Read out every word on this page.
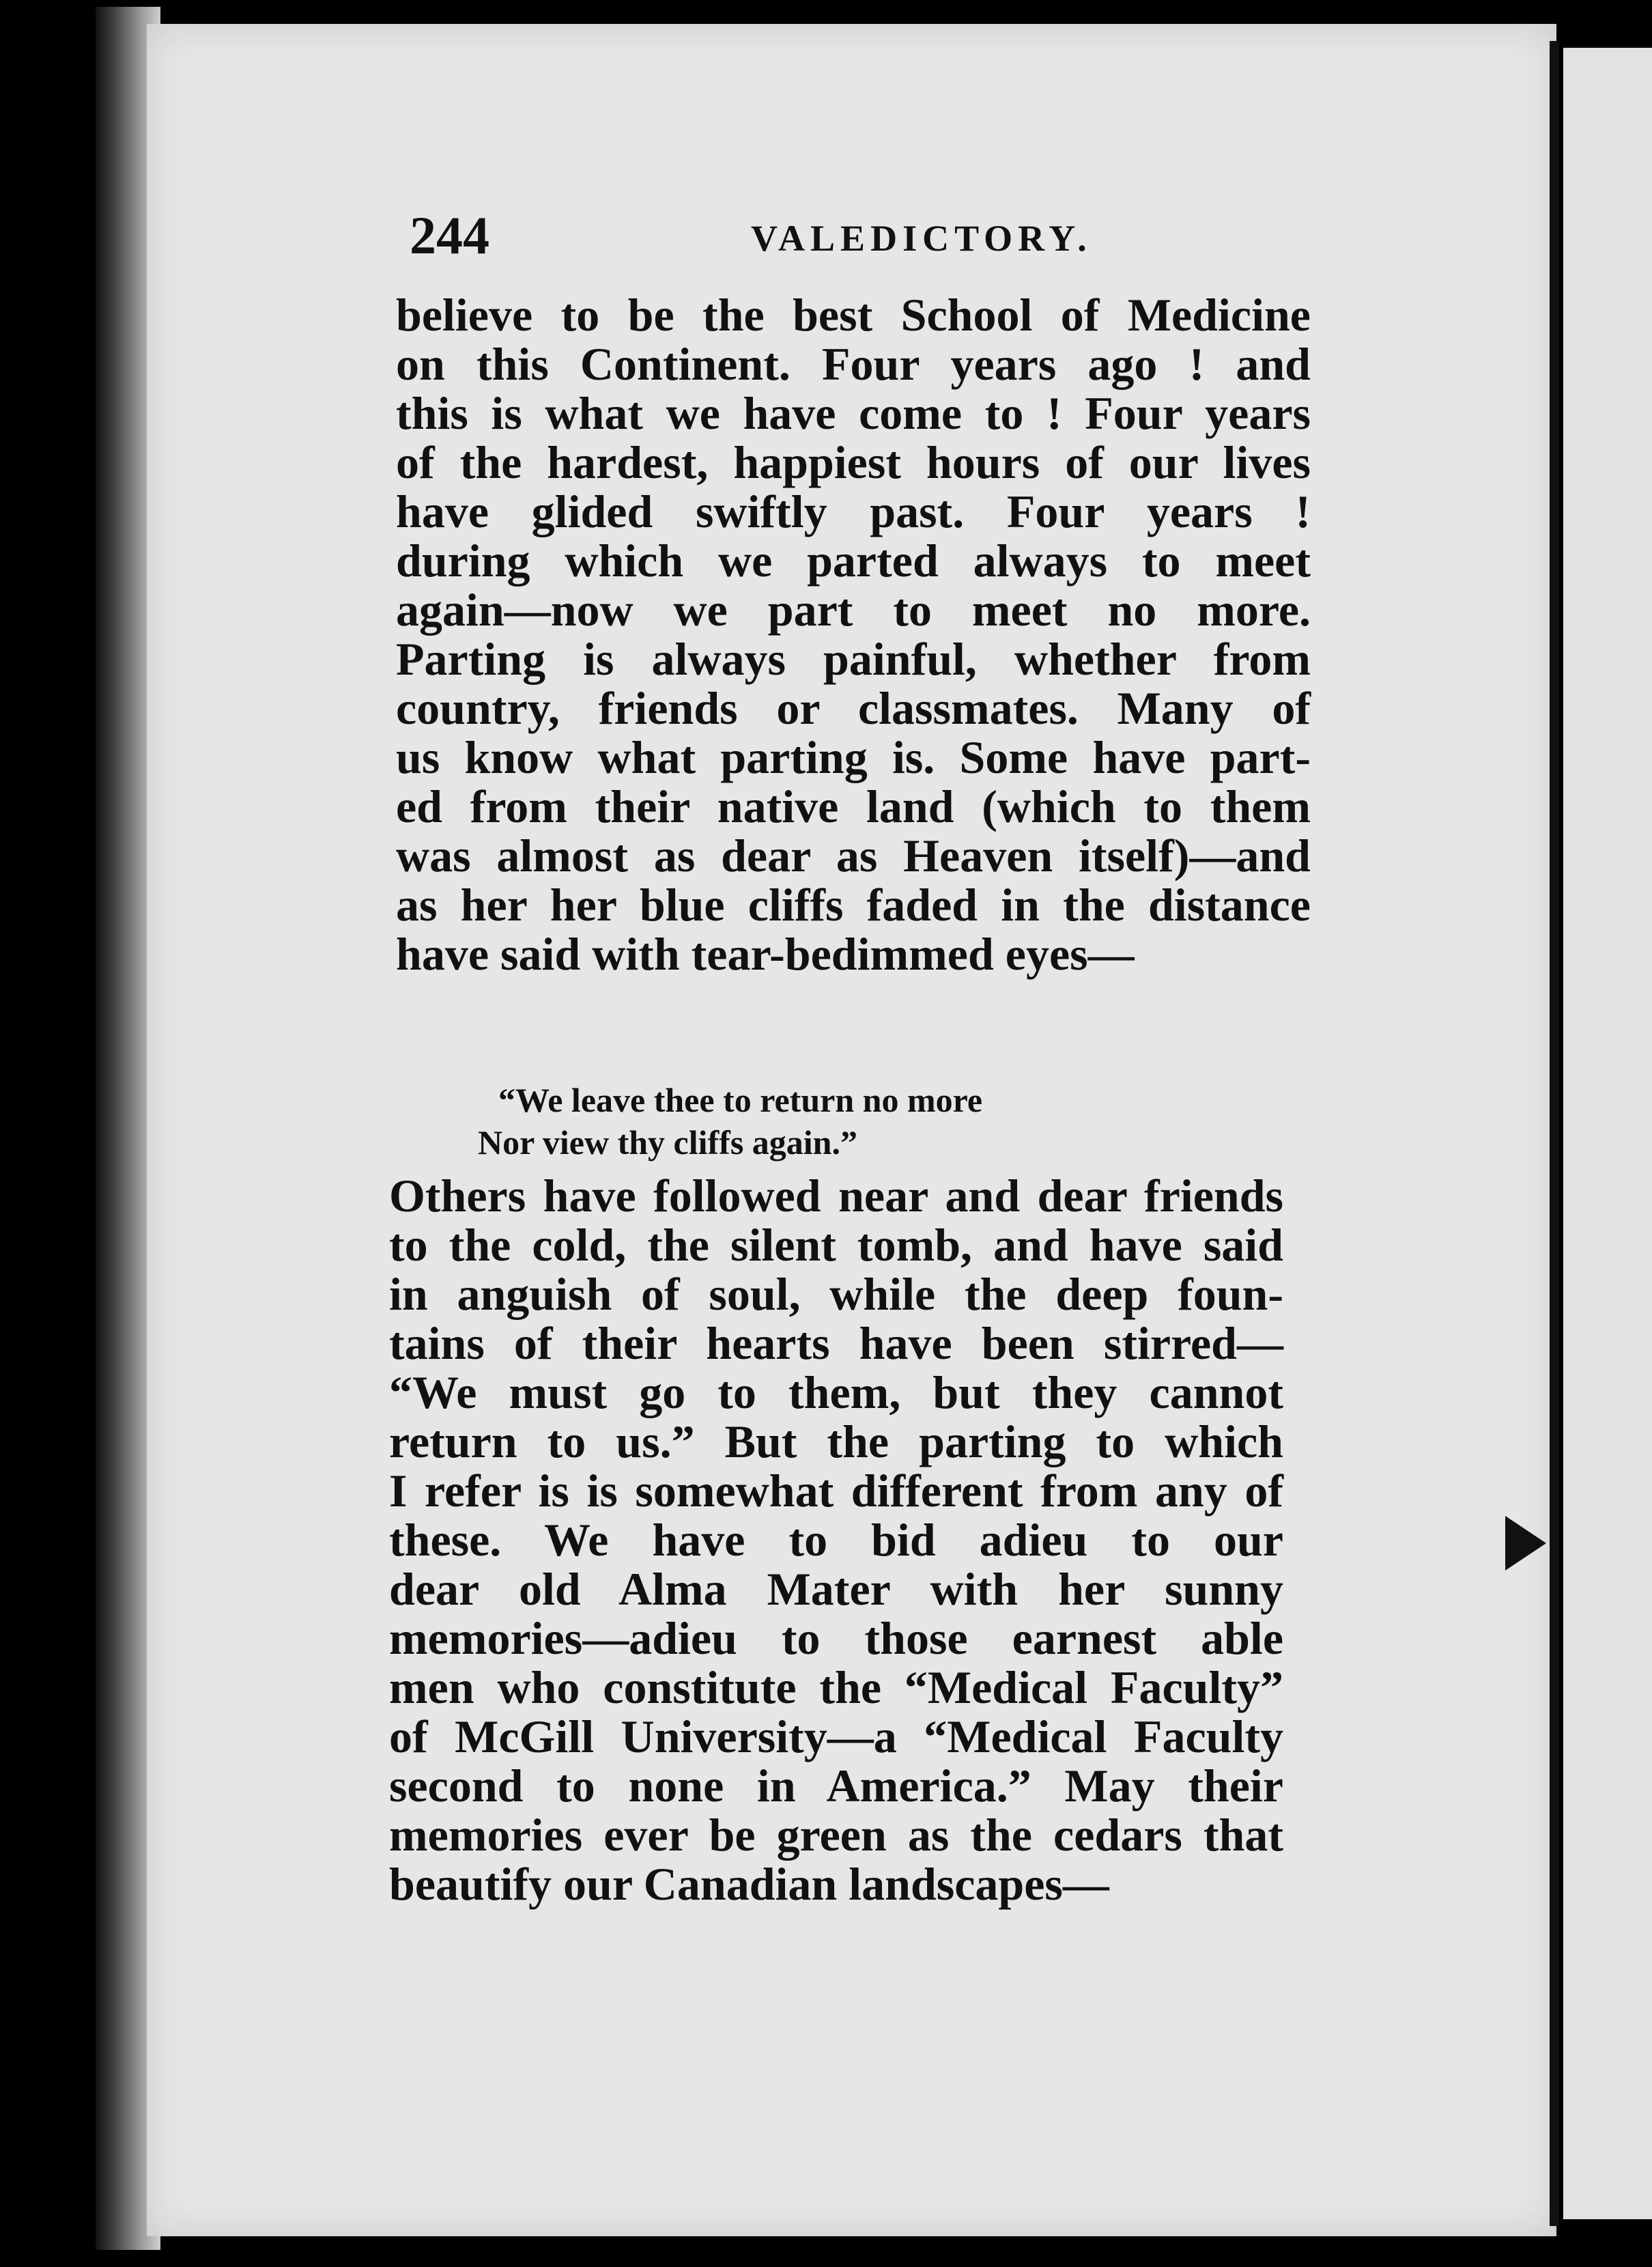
244	VALEDICTORY.
believe to be the best School of Medicine
on this Continent. Four years ago ! and
this is what we have come to ! Four years
of the hardest, happiest hours of our lives
have glided swiftly past. Four years !
during which we parted always to meet
again—now we part to meet no more.
Parting is always painful, whether from
country, friends or classmates. Many of
us know what parting is. Some have part-
ed from their native land (which to them
was almost as dear as Heaven itself)—and
as her her blue cliffs faded in the distance
have said with tear-bedimmed eyes—
“We leave thee to return no more
Nor view thy cliffs again.”
Others have followed near and dear friends
to the cold, the silent tomb, and have said
in anguish of soul, while the deep foun-
tains of their hearts have been stirred—
“We must go to them, but they cannot
return to us.” But the parting to which
I refer is is somewhat different from any of
these. We have to bid adieu to our
dear old Alma Mater with her sunny
memories—adieu to those earnest able
men who constitute the “Medical Faculty”
of McGill University—a “Medical Faculty
second to none in America.” May their
memories ever be green as the cedars that
beautify our Canadian landscapes—
